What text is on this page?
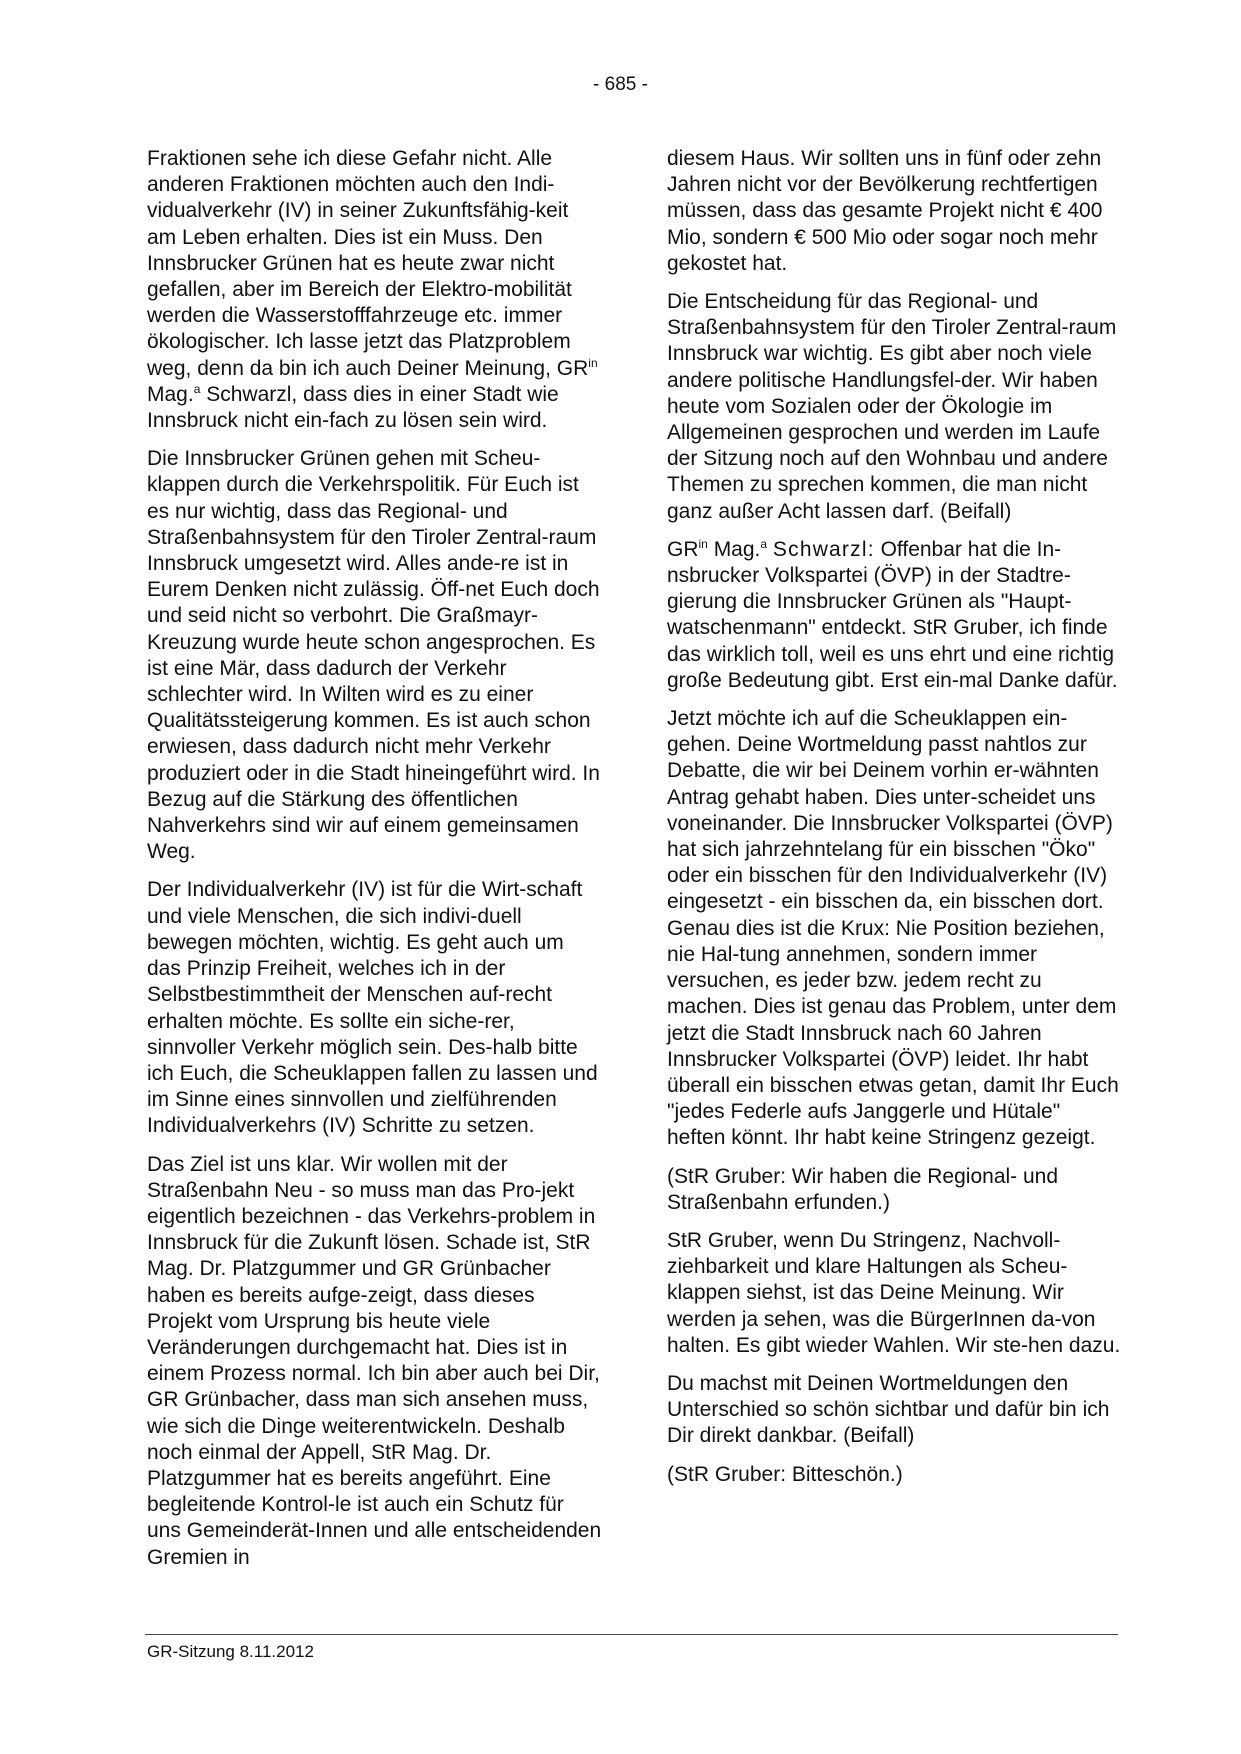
- 685 -

Fraktionen sehe ich diese Gefahr nicht. Alle anderen Fraktionen möchten auch den Indi-vidualverkehr (IV) in seiner Zukunftsfähig-keit am Leben erhalten. Dies ist ein Muss. Den Innsbrucker Grünen hat es heute zwar nicht gefallen, aber im Bereich der Elektro-mobilität werden die Wasserstofffahrzeuge etc. immer ökologischer. Ich lasse jetzt das Platzproblem weg, denn da bin ich auch Deiner Meinung, $GR^{in}$ Mag.$^a$ Schwarzl, dass dies in einer Stadt wie Innsbruck nicht ein-fach zu lösen sein wird.

Die Innsbrucker Grünen gehen mit Scheu-klappen durch die Verkehrspolitik. Für Euch ist es nur wichtig, dass das Regional- und Straßenbahnsystem für den Tiroler Zentral-raum Innsbruck umgesetzt wird. Alles ande-re ist in Eurem Denken nicht zulässig. Öff-net Euch doch und seid nicht so verbohrt. Die Graßmayr-Kreuzung wurde heute schon angesprochen. Es ist eine Mär, dass dadurch der Verkehr schlechter wird. In Wilten wird es zu einer Qualitätssteigerung kommen. Es ist auch schon erwiesen, dass dadurch nicht mehr Verkehr produziert oder in die Stadt hineingeführt wird. In Bezug auf die Stärkung des öffentlichen Nahverkehrs sind wir auf einem gemeinsamen Weg.

Der Individualverkehr (IV) ist für die Wirt-schaft und viele Menschen, die sich indivi-duell bewegen möchten, wichtig. Es geht auch um das Prinzip Freiheit, welches ich in der Selbstbestimmtheit der Menschen auf-recht erhalten möchte. Es sollte ein siche-rer, sinnvoller Verkehr möglich sein. Des-halb bitte ich Euch, die Scheuklappen fallen zu lassen und im Sinne eines sinnvollen und zielführenden Individualverkehrs (IV) Schritte zu setzen.

Das Ziel ist uns klar. Wir wollen mit der Straßenbahn Neu - so muss man das Pro-jekt eigentlich bezeichnen - das Verkehrs-problem in Innsbruck für die Zukunft lösen. Schade ist, StR Mag. Dr. Platzgummer und GR Grünbacher haben es bereits aufge-zeigt, dass dieses Projekt vom Ursprung bis heute viele Veränderungen durchgemacht hat. Dies ist in einem Prozess normal. Ich bin aber auch bei Dir, GR Grünbacher, dass man sich ansehen muss, wie sich die Dinge weiterentwickeln. Deshalb noch einmal der Appell, StR Mag. Dr. Platzgummer hat es bereits angeführt. Eine begleitende Kontrol-le ist auch ein Schutz für uns Gemeinderät-Innen und alle entscheidenden Gremien in

diesem Haus. Wir sollten uns in fünf oder zehn Jahren nicht vor der Bevölkerung rechtfertigen müssen, dass das gesamte Projekt nicht € 400 Mio, sondern € 500 Mio oder sogar noch mehr gekostet hat.

Die Entscheidung für das Regional- und Straßenbahnsystem für den Tiroler Zentral-raum Innsbruck war wichtig. Es gibt aber noch viele andere politische Handlungsfel-der. Wir haben heute vom Sozialen oder der Ökologie im Allgemeinen gesprochen und werden im Laufe der Sitzung noch auf den Wohnbau und andere Themen zu sprechen kommen, die man nicht ganz außer Acht lassen darf. (Beifall)

$GR^{in}$ Mag.$^a$ Schwarzl: Offenbar hat die In-nsbrucker Volkspartei (ÖVP) in der Stadtre-gierung die Innsbrucker Grünen als "Haupt-watschenmann" entdeckt. StR Gruber, ich finde das wirklich toll, weil es uns ehrt und eine richtig große Bedeutung gibt. Erst ein-mal Danke dafür.

Jetzt möchte ich auf die Scheuklappen ein-gehen. Deine Wortmeldung passt nahtlos zur Debatte, die wir bei Deinem vorhin er-wähnten Antrag gehabt haben. Dies unter-scheidet uns voneinander. Die Innsbrucker Volkspartei (ÖVP) hat sich jahrzehntelang für ein bisschen "Öko" oder ein bisschen für den Individualverkehr (IV) eingesetzt - ein bisschen da, ein bisschen dort. Genau dies ist die Krux: Nie Position beziehen, nie Hal-tung annehmen, sondern immer versuchen, es jeder bzw. jedem recht zu machen. Dies ist genau das Problem, unter dem jetzt die Stadt Innsbruck nach 60 Jahren Innsbrucker Volkspartei (ÖVP) leidet. Ihr habt überall ein bisschen etwas getan, damit Ihr Euch "jedes Federle aufs Janggerle und Hütale" heften könnt. Ihr habt keine Stringenz gezeigt.

(StR Gruber: Wir haben die Regional- und Straßenbahn erfunden.)

StR Gruber, wenn Du Stringenz, Nachvoll-ziehbarkeit und klare Haltungen als Scheu-klappen siehst, ist das Deine Meinung. Wir werden ja sehen, was die BürgerInnen da-von halten. Es gibt wieder Wahlen. Wir ste-hen dazu.

Du machst mit Deinen Wortmeldungen den Unterschied so schön sichtbar und dafür bin ich Dir direkt dankbar. (Beifall)

(StR Gruber: Bitteschön.)

GR-Sitzung 8.11.2012
